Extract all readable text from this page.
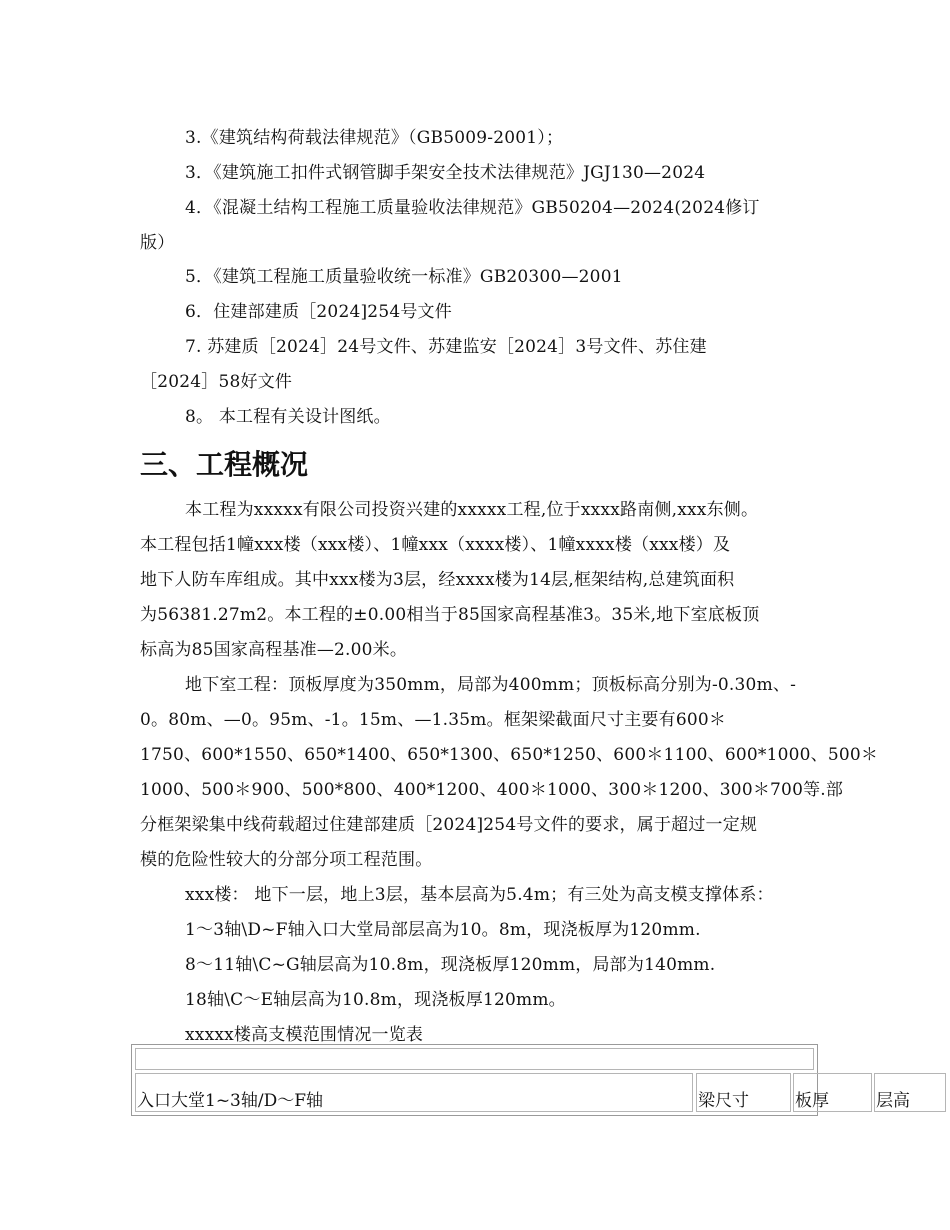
3.《建筑结构荷载法律规范》（GB5009-2001）；
3．《建筑施工扣件式钢管脚手架安全技术法律规范》JGJ130—2024
4．《混凝土结构工程施工质量验收法律规范》GB50204—2024(2024修订
版）
5．《建筑工程施工质量验收统一标准》GB20300—2001
6．住建部建质［2024]254号文件
7. 苏建质［2024］24号文件、苏建监安［2024］3号文件、苏住建
［2024］58好文件
8。 本工程有关设计图纸。
三、工程概况
本工程为xxxxx有限公司投资兴建的xxxxx工程,位于xxxx路南侧,xxx东侧。
本工程包括1幢xxx楼（xxx楼）、1幢xxx（xxxx楼）、1幢xxxx楼（xxx楼）及
地下人防车库组成。其中xxx楼为3层，经xxxx楼为14层,框架结构,总建筑面积
为56381.27m2。本工程的±0.00相当于85国家高程基准3。35米,地下室底板顶
标高为85国家高程基准—2.00米。
地下室工程：顶板厚度为350mm，局部为400mm；顶板标高分别为-0.30m、-
0。80m、—0。95m、-1。15m、—1.35m。框架梁截面尺寸主要有600＊
1750、600*1550、650*1400、650*1300、650*1250、600＊1100、600*1000、500＊
1000、500＊900、500*800、400*1200、400＊1000、300＊1200、300＊700等.部
分框架梁集中线荷载超过住建部建质［2024]254号文件的要求，属于超过一定规
模的危险性较大的分部分项工程范围。
xxx楼： 地下一层，地上3层，基本层高为5.4m；有三处为高支模支撑体系：
1～3轴\D~F轴入口大堂局部层高为10。8m，现浇板厚为120mm.
8～11轴\C~G轴层高为10.8m，现浇板厚120mm，局部为140mm.
18轴\C～E轴层高为10.8m，现浇板厚120mm。
xxxxx楼高支模范围情况一览表
入口大堂1~3轴/D～F轴	梁尺寸	板厚	层高
